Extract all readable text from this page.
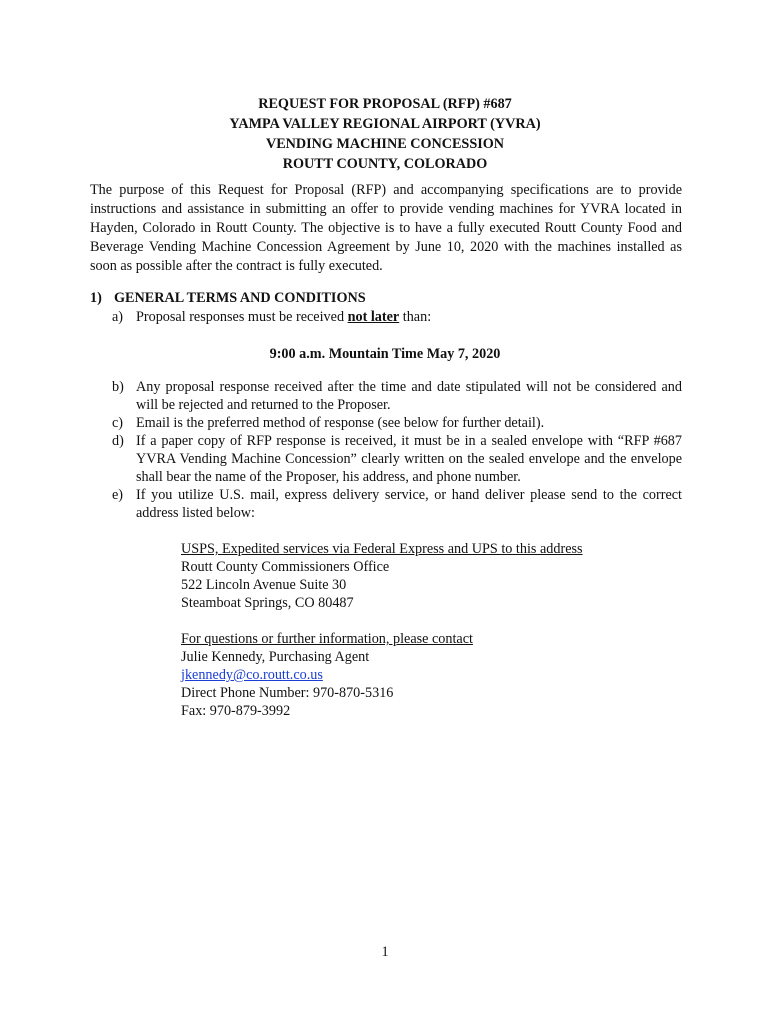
REQUEST FOR PROPOSAL (RFP) #687
YAMPA VALLEY REGIONAL AIRPORT (YVRA)
VENDING MACHINE CONCESSION
ROUTT COUNTY, COLORADO
The purpose of this Request for Proposal (RFP) and accompanying specifications are to provide instructions and assistance in submitting an offer to provide vending machines for YVRA located in Hayden, Colorado in Routt County. The objective is to have a fully executed Routt County Food and Beverage Vending Machine Concession Agreement by June 10, 2020 with the machines installed as soon as possible after the contract is fully executed.
1) GENERAL TERMS AND CONDITIONS
a) Proposal responses must be received not later than:
9:00 a.m. Mountain Time May 7, 2020
b) Any proposal response received after the time and date stipulated will not be considered and will be rejected and returned to the Proposer.
c) Email is the preferred method of response (see below for further detail).
d) If a paper copy of RFP response is received, it must be in a sealed envelope with “RFP #687 YVRA Vending Machine Concession” clearly written on the sealed envelope and the envelope shall bear the name of the Proposer, his address, and phone number.
e) If you utilize U.S. mail, express delivery service, or hand deliver please send to the correct address listed below:
USPS, Expedited services via Federal Express and UPS to this address
Routt County Commissioners Office
522 Lincoln Avenue Suite 30
Steamboat Springs, CO 80487
For questions or further information, please contact
Julie Kennedy, Purchasing Agent
jkennedy@co.routt.co.us
Direct Phone Number: 970-870-5316
Fax: 970-879-3992
1
